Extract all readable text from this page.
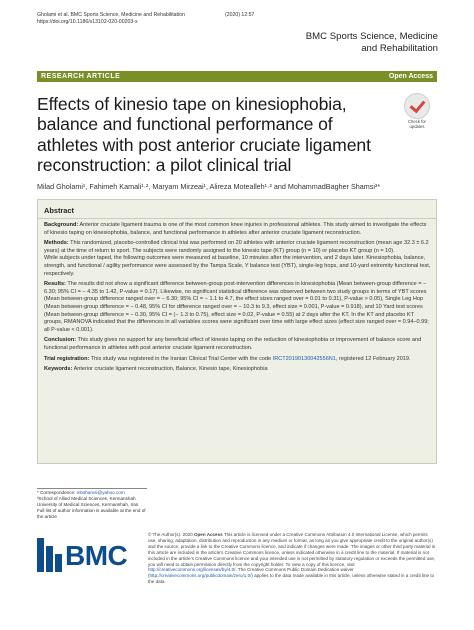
Gholami et al. BMC Sports Science, Medicine and Rehabilitation
https://doi.org/10.1186/s13102-020-00203-x
(2020) 12:57
BMC Sports Science, Medicine and Rehabilitation
RESEARCH ARTICLE	Open Access
Effects of kinesio tape on kinesiophobia, balance and functional performance of athletes with post anterior cruciate ligament reconstruction: a pilot clinical trial
Check for updates
Milad Gholami¹, Fahimeh Kamali¹·², Maryam Mirzeai¹, Alireza Motealleh¹·² and MohammadBagher Shamsi³*
Abstract

Background: Anterior cruciate ligament trauma is one of the most common knee injuries in professional athletes. This study aimed to investigate the effects of kinesio taping on kinesiophobia, balance, and functional performance in athletes after anterior cruciate ligament reconstruction.

Methods: This randomized, placebo-controlled clinical trial was performed on 20 athletes with anterior cruciate ligament reconstruction (mean age 32.3 ± 6.2 years) at the time of return to sport. The subjects were randomly assigned to the kinesio tape (KT) group (n = 10) or placebo KT group (n = 10).

While subjects under taped, the following outcomes were measured at baseline, 10 minutes after the intervention, and 2 days later. Kinesiophobia, balance, strength, and functional / agility performance were assessed by the Tampa Scale, Y balance test (YBT), single-leg hops, and 10-yard extremity functional test, respectively.

Results: The results did not show a significant difference between-group post-intervention differences in kinesiophobia (Mean between-group difference = − 6.30; 95% CI = − 4.35 to 1.42, P-value = 0.17). Likewise, no significant statistical difference was observed between two study groups in terms of YBT scores (Mean between-group difference ranged over = − 6.30; 95% CI = − 1.1 to 4.7, the effect sizes ranged over = 0.01 to 0.31), P-value > 0.05), Single Leg Hop (Mean between-group difference = − 0.48, 95% CI for difference ranged over = − 10.3 to 9.3, effect size = 0.001, P-value = 0.918), and 10 Yard test scores (Mean between-group difference = − 0.30, 95% CI = (− 1.3 to 0.75), effect size = 0.02, P-value = 0.55) at 2 days after the KT. In the KT and placebo KT groups, RMANOVA indicated that the differences in all variables scores were significant over time with large effect sizes (effect size ranged over = 0.94–0.99; all P-value < 0.001).

Conclusion: This study gives no support for any beneficial effect of kinesio taping on the reduction of kinesiophobia or improvement of balance score and functional performance in athletes with post anterior cruciate ligament reconstruction.

Trial registration: This study was registered in the Iranian Clinical Trial Center with the code IRCT20190130042556N1, registered 12 February 2019.

Keywords: Anterior cruciate ligament reconstruction, Balance, Kinesio tape, Kinesiophobia

* Correspondence: mbshamsi@yahoo.com
³School of Allied Medical Sciences, Kermanshah University of Medical Sciences, Kermanshah, Iran
Full list of author information is available at the end of the article
BMC
© The Author(s). 2020 Open Access This article is licensed under a Creative Commons Attribution 4.0 International License, which permits use, sharing, adaptation, distribution and reproduction in any medium or format, as long as you give appropriate credit to the original author(s) and the source, provide a link to the Creative Commons licence, and indicate if changes were made. The images or other third party material in this article are included in the article's Creative Commons licence, unless indicated otherwise in a credit line to the material. If material is not included in the article's Creative Commons licence and your intended use is not permitted by statutory regulation or exceeds the permitted use, you will need to obtain permission directly from the copyright holder. To view a copy of this licence, visit http://creativecommons.org/licenses/by/4.0/. The Creative Commons Public Domain Dedication waiver (http://creativecommons.org/publicdomain/zero/1.0/) applies to the data made available in this article, unless otherwise stated in a credit line to the data.
